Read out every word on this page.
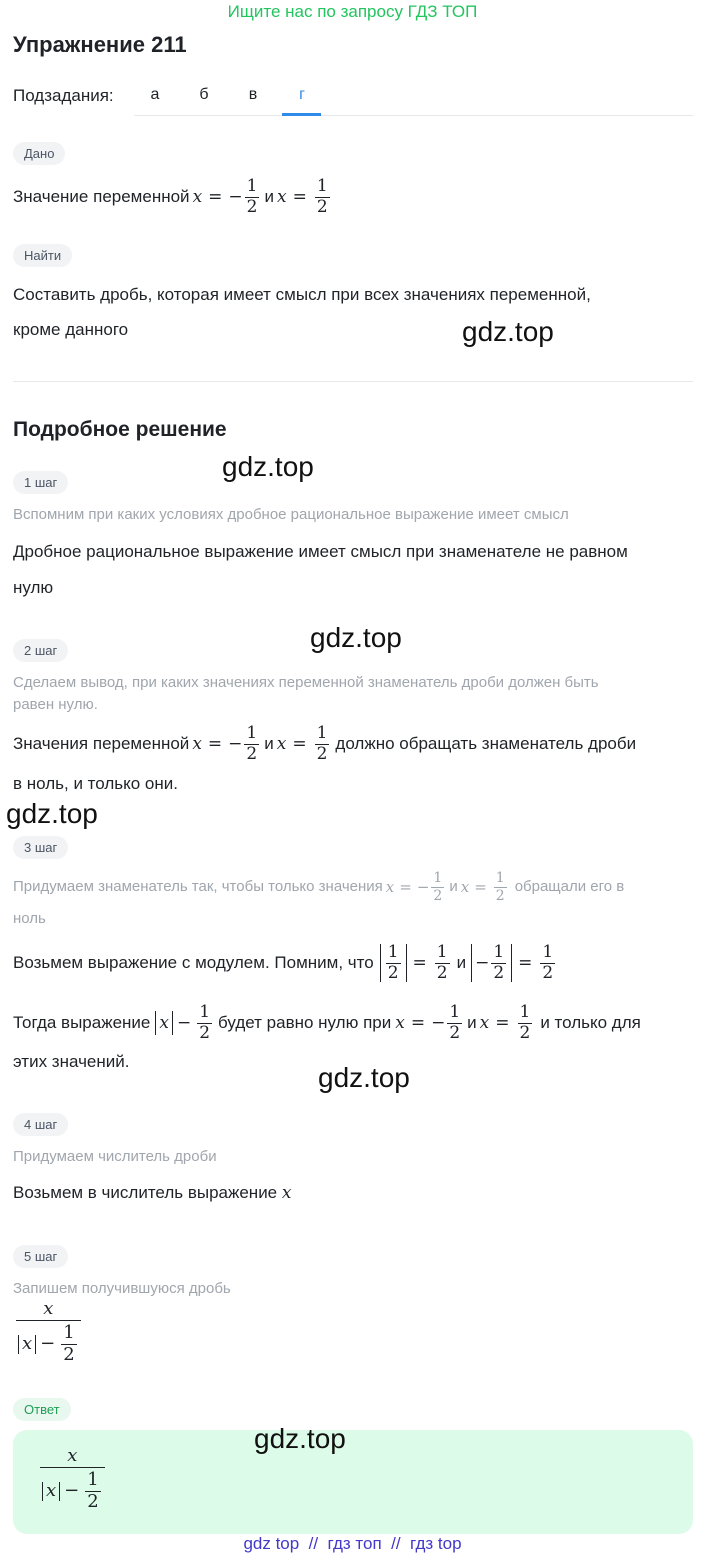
Ищите нас по запросу ГДЗ ТОП
Упражнение 211
Подзадания:	а	б	в	г
Дано
Значение переменной x = − $\frac{1}{2}$ и $x = \frac{1}{2}$
Найти
Составить дробь, которая имеет смысл при всех значениях переменной,
кроме данного	gdz.top
Подробное решение
gdz.top
1 шаг
Вспомним при каких условиях дробное рациональное выражение имеет смысл
Дробное рациональное выражение имеет смысл при знаменателе не равном
нулю
gdz.top
2 шаг
Сделаем вывод, при каких значениях переменной знаменатель дроби должен быть
равен нулю.
Значения переменной x = − $\frac{1}{2}$ и $x = \frac{1}{2}$ должно обращать знаменатель дроби
в ноль, и только они.
gdz.top
3 шаг
Придумаем знаменатель так, чтобы только значения x = − $\frac{1}{2}$ и $x = \frac{1}{2}$ обращали его в
ноль
Возьмем выражение с модулем. Помним, что $\frac{1}{2} = \frac{1}{2}$ $и - \frac{1}{2} = \frac{1}{2}$
Тогда выражение $x - \frac{1}{2}$ будет равно нулю при x = − $\frac{1}{2}$ и $x = \frac{1}{2}$ и только для
этих значений.
gdz.top
4 шаг
Придумаем числитель дроби
Возьмем в числитель выражение x
5 шаг
Запишем получившуюся дробь
$\frac{x}{x - \frac{1}{2}}$
Ответ
$\frac{x}{x - \frac{1}{2}}$
gdz.top
gdz top  //  гдз топ  //  гдз top
